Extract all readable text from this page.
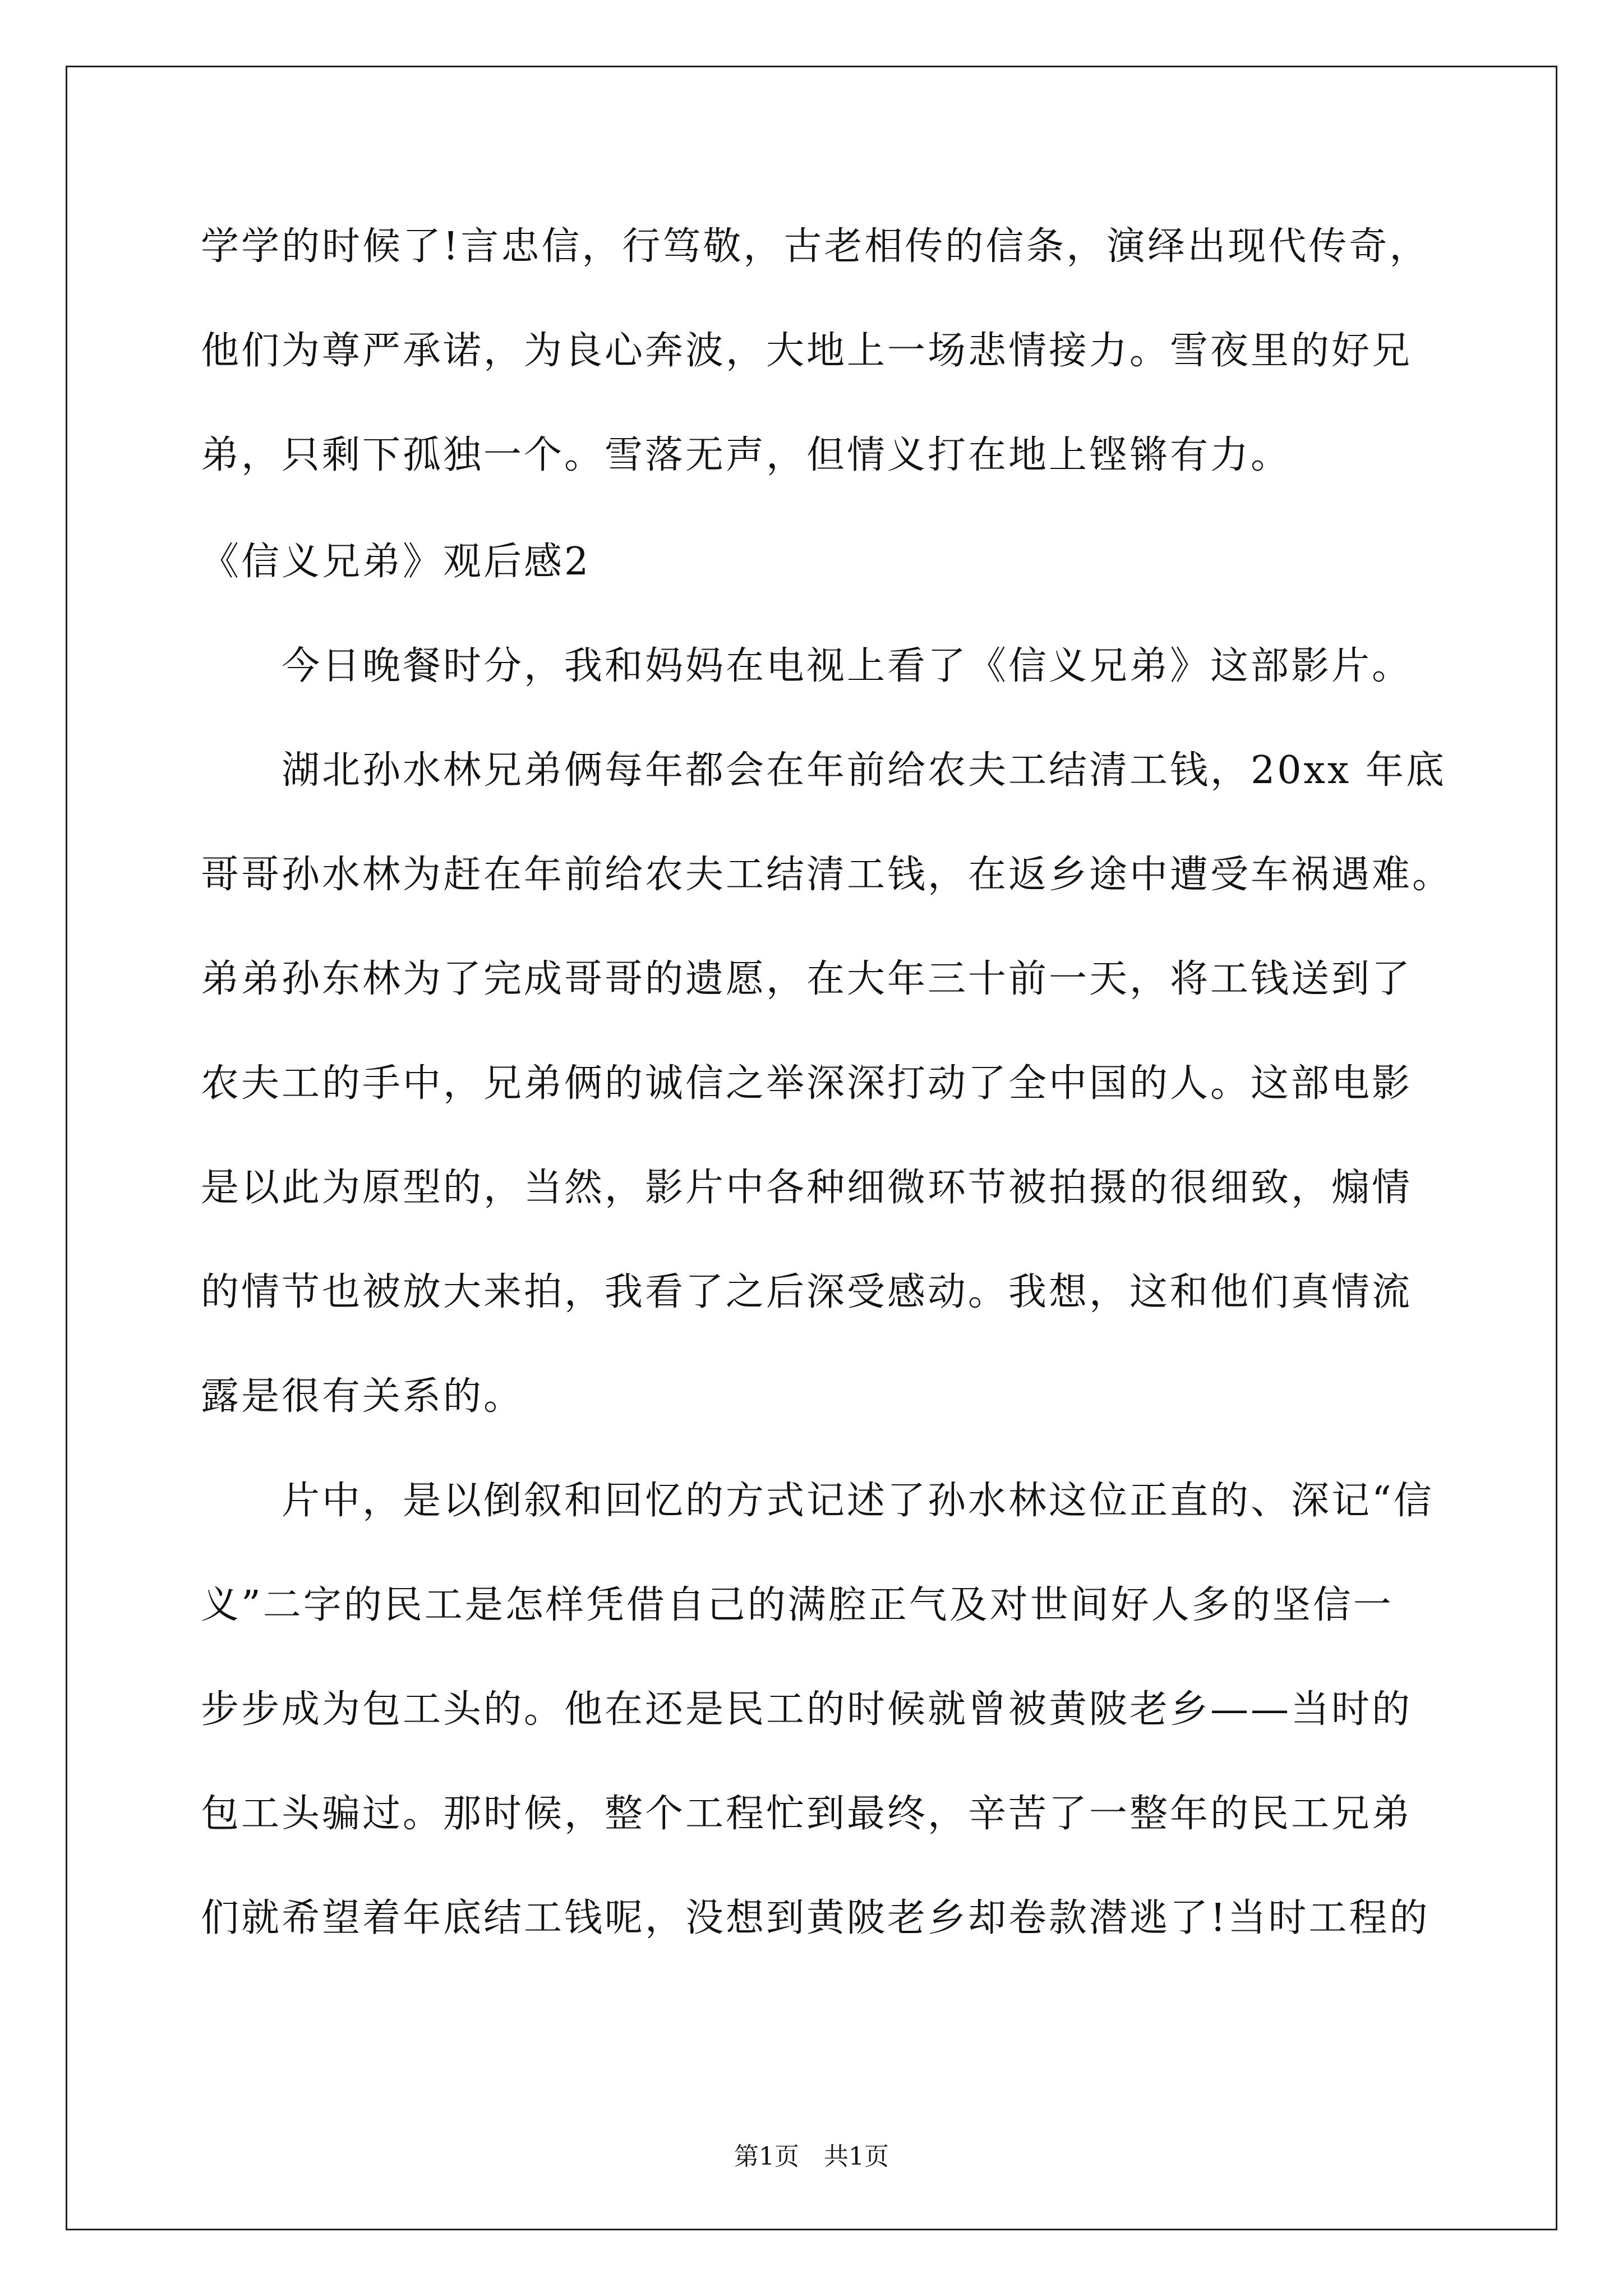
学学的时候了!言忠信，行笃敬，古老相传的信条，演绎出现代传奇，
他们为尊严承诺，为良心奔波，大地上一场悲情接力。雪夜里的好兄
弟，只剩下孤独一个。雪落无声，但情义打在地上铿锵有力。
《信义兄弟》观后感2
　　今日晚餐时分，我和妈妈在电视上看了《信义兄弟》这部影片。
　　湖北孙水林兄弟俩每年都会在年前给农夫工结清工钱，20xx 年底
哥哥孙水林为赶在年前给农夫工结清工钱，在返乡途中遭受车祸遇难。
弟弟孙东林为了完成哥哥的遗愿，在大年三十前一天，将工钱送到了
农夫工的手中，兄弟俩的诚信之举深深打动了全中国的人。这部电影
是以此为原型的，当然，影片中各种细微环节被拍摄的很细致，煽情
的情节也被放大来拍，我看了之后深受感动。我想，这和他们真情流
露是很有关系的。
　　片中，是以倒叙和回忆的方式记述了孙水林这位正直的、深记“信
义”二字的民工是怎样凭借自己的满腔正气及对世间好人多的坚信一
步步成为包工头的。他在还是民工的时候就曾被黄陂老乡——当时的
包工头骗过。那时候，整个工程忙到最终，辛苦了一整年的民工兄弟
们就希望着年底结工钱呢，没想到黄陂老乡却卷款潜逃了!当时工程的
第1页　共1页
